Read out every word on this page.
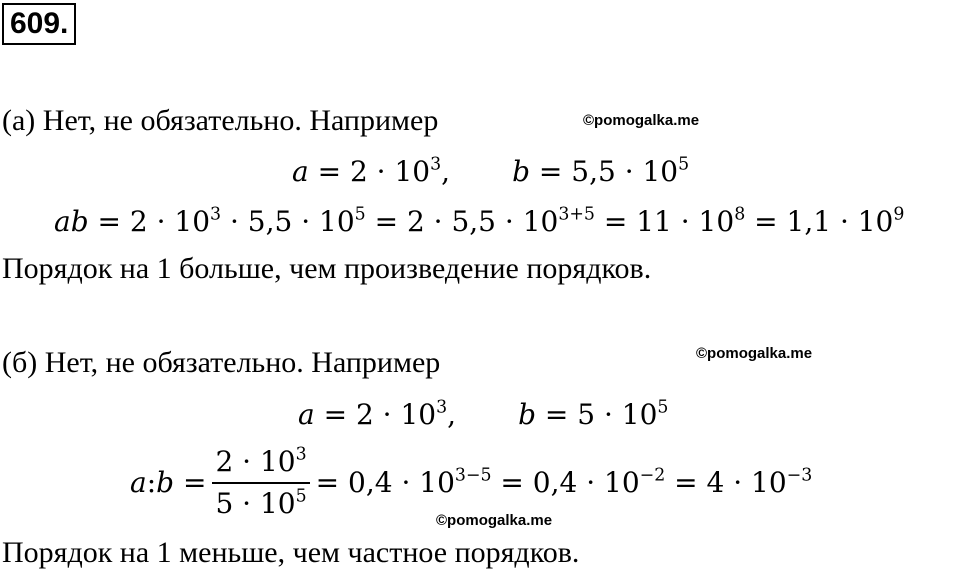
609.
(а) Нет, не обязательно. Например	©pomogalka.me
$a = 2 \cdot 10^3$, $b = 5,5 \cdot 10^5$
ab = $2 \cdot 10^3 \cdot 5,5 \cdot 10^5 = 2 \cdot 5,5 \cdot 10^{3+5} = 11 \cdot 10^8 = 1,1 \cdot 10^9$
Порядок на 1 больше, чем произведение порядков.
(б) Нет, не обязательно. Например	©pomogalka.me
$a = 2 \cdot 10^3$, $b = 5 \cdot 10^5$
a:b = $\frac{2 \cdot 10^3}{5 \cdot 10^5} = 0,4 \cdot 10^{3-5} = 0,4 \cdot 10^{-2} = 4 \cdot 10^{-3}$
©pomogalka.me
Порядок на 1 меньше, чем частное порядков.
